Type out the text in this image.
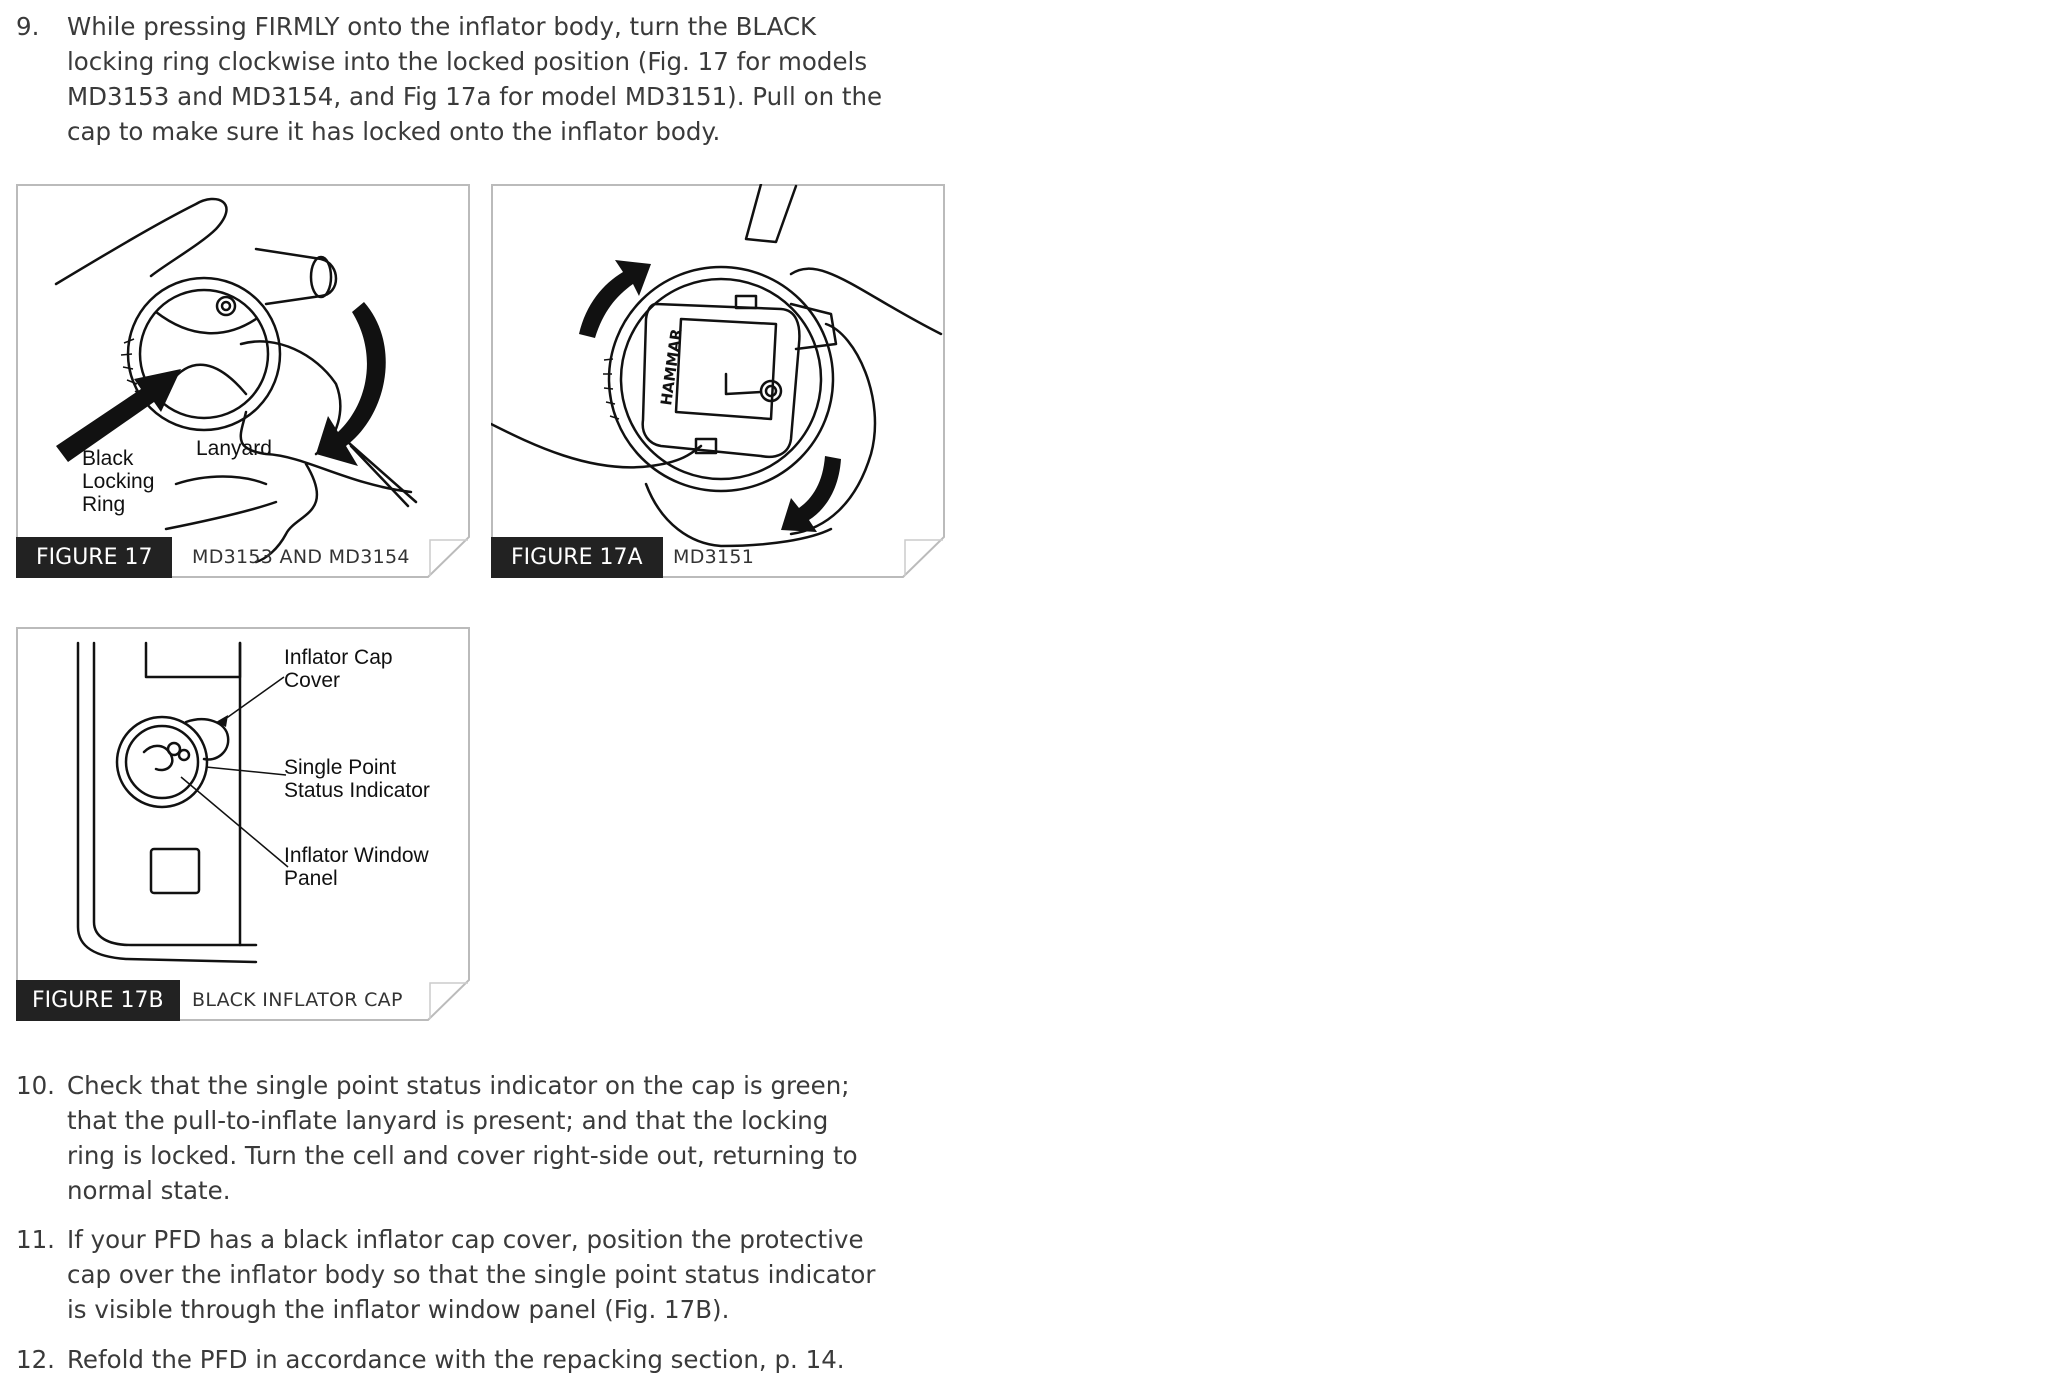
9. While pressing FIRMLY onto the inflator body, turn the BLACK
locking ring clockwise into the locked position (Fig. 17 for models
MD3153 and MD3154, and Fig 17a for model MD3151). Pull on the
cap to make sure it has locked onto the inflator body.
Black
Locking
Ring
Lanyard
FIGURE 17	MD3153 AND MD3154
HAMMAR
FIGURE 17A	MD3151
Inflator Cap
Cover
Single Point
Status Indicator
Inflator Window
Panel
FIGURE 17B	BLACK INFLATOR CAP
10. Check that the single point status indicator on the cap is green;
that the pull-to-inflate lanyard is present; and that the locking
ring is locked. Turn the cell and cover right-side out, returning to
normal state.
11. If your PFD has a black inflator cap cover, position the protective
cap over the inflator body so that the single point status indicator
is visible through the inflator window panel (Fig. 17B).
12. Refold the PFD in accordance with the repacking section, p. 14.
